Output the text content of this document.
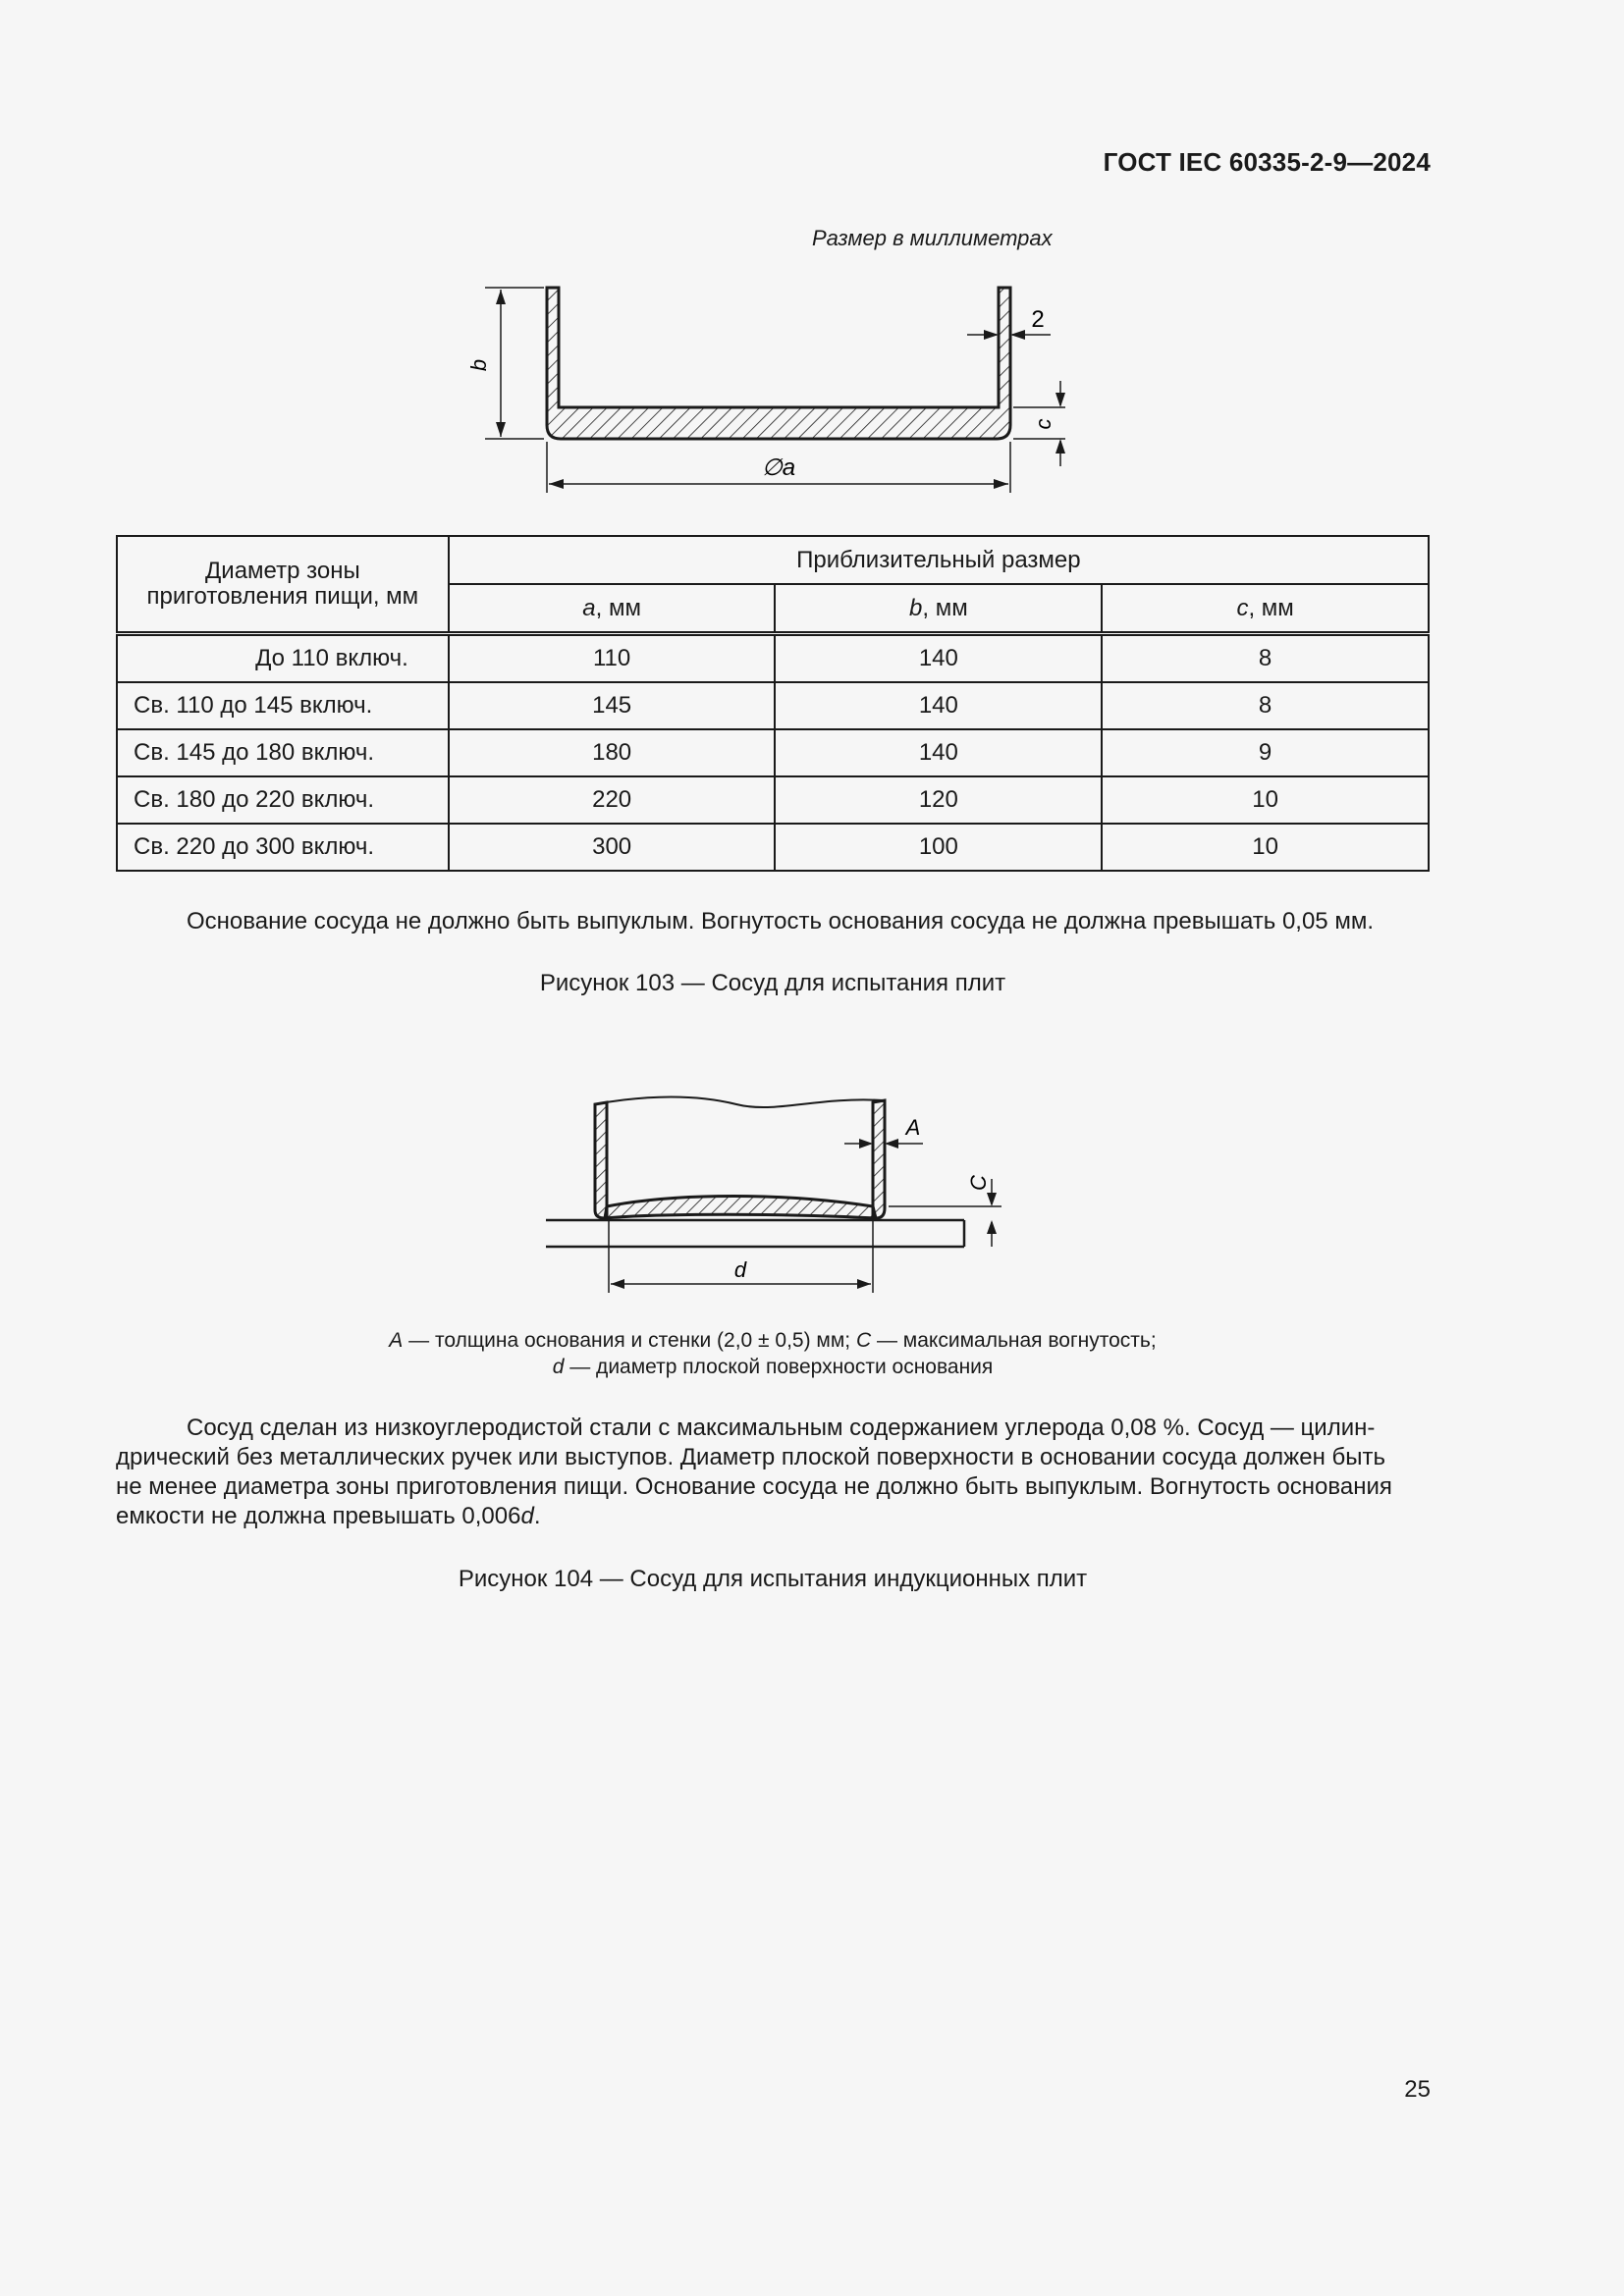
ГОСТ IEC 60335-2-9—2024
Размер в миллиметрах
b
2
c
∅a
Диаметр зоны
приготовления пищи, мм	Приблизительный размер		
	a, мм	b, мм	c, мм
До 110 включ.	110	140	8
Св. 110 до 145 включ.	145	140	8
Св. 145 до 180 включ.	180	140	9
Св. 180 до 220 включ.	220	120	10
Св. 220 до 300 включ.	300	100	10
Основание сосуда не должно быть выпуклым. Вогнутость основания сосуда не должна превышать 0,05 мм.
Рисунок 103 — Сосуд для испытания плит
A
C
d
A — толщина основания и стенки (2,0 ± 0,5) мм; C — максимальная вогнутость;
d — диаметр плоской поверхности основания
Сосуд сделан из низкоуглеродистой стали с максимальным содержанием углерода 0,08 %. Сосуд — цилин-
дрический без металлических ручек или выступов. Диаметр плоской поверхности в основании сосуда должен быть
не менее диаметра зоны приготовления пищи. Основание сосуда не должно быть выпуклым. Вогнутость основания
емкости не должна превышать 0,006d.
Рисунок 104 — Сосуд для испытания индукционных плит
25
